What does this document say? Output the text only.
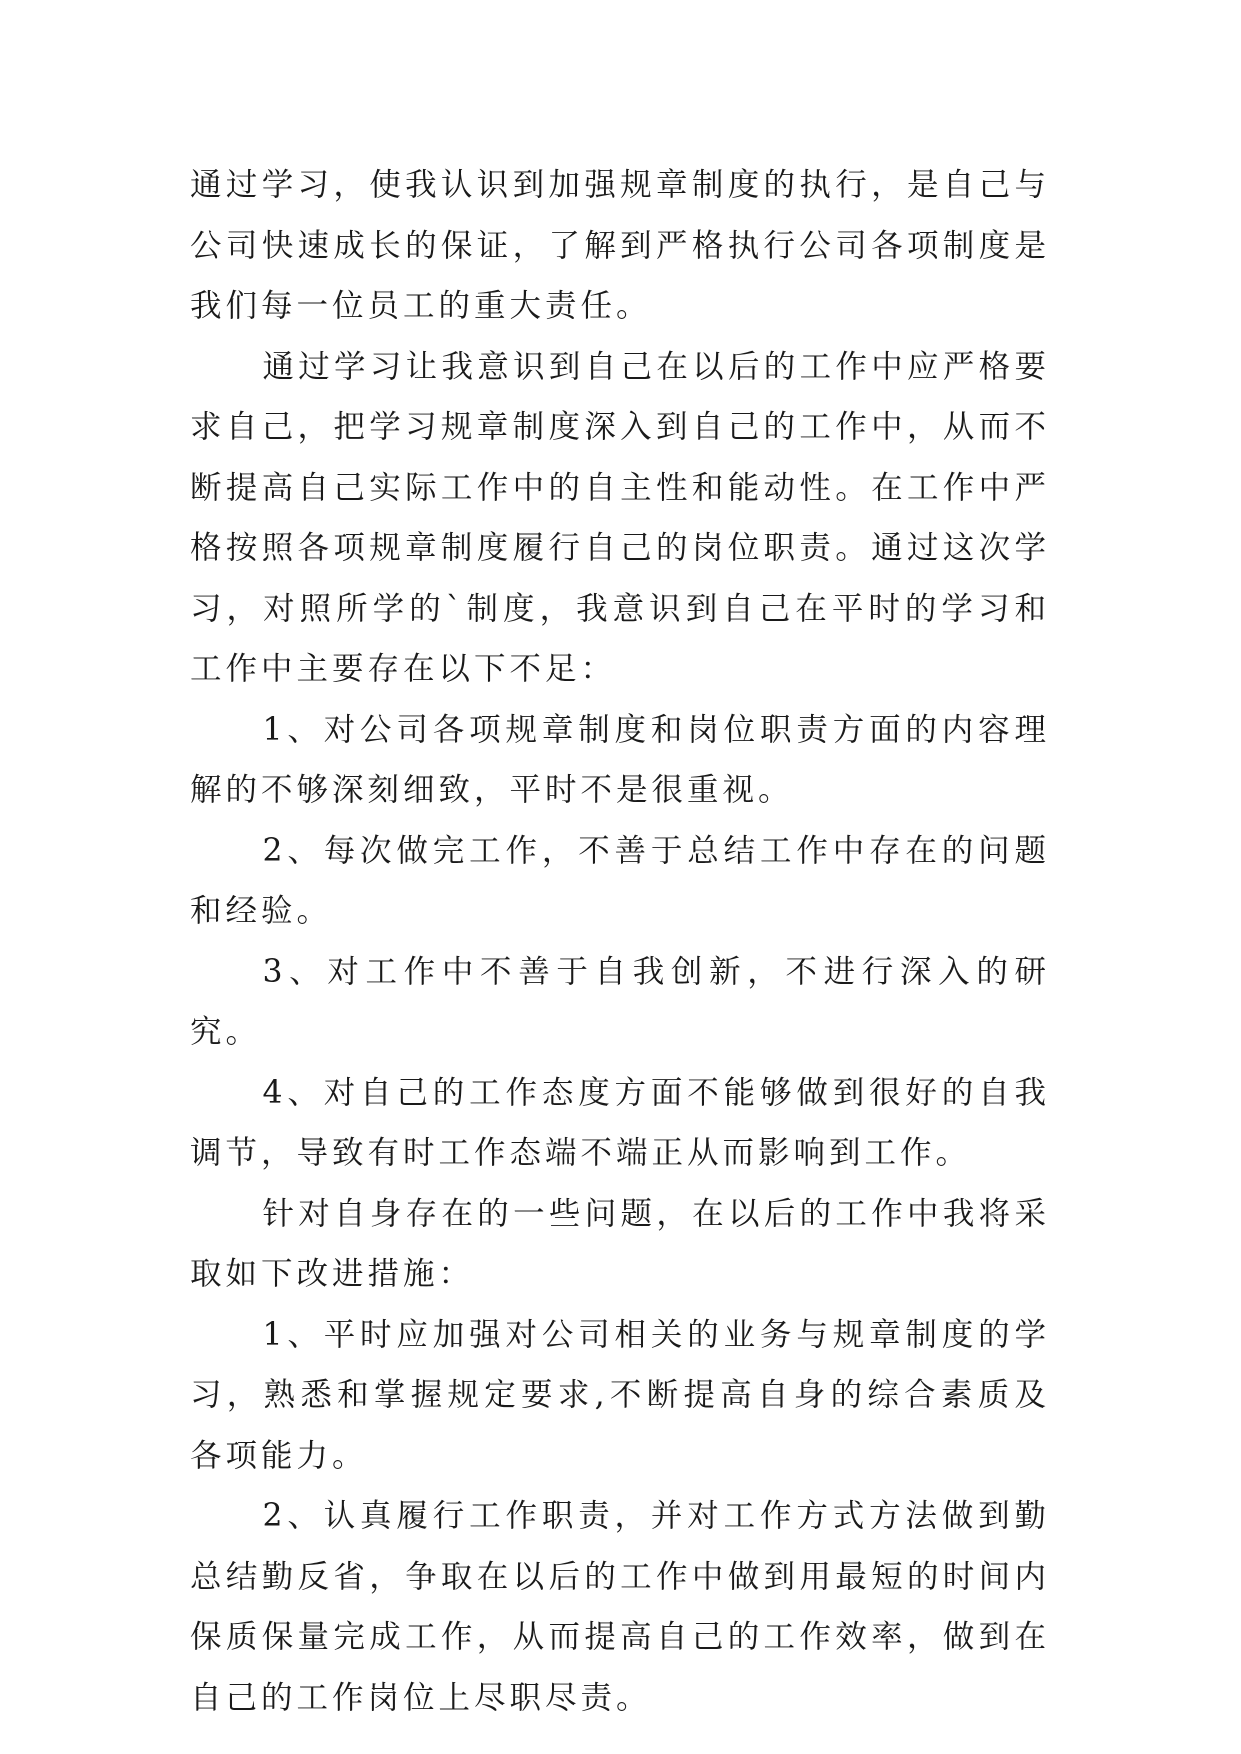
通过学习，使我认识到加强规章制度的执行，是自己与公司快速成长的保证，了解到严格执行公司各项制度是我们每一位员工的重大责任。

通过学习让我意识到自己在以后的工作中应严格要求自己，把学习规章制度深入到自己的工作中，从而不断提高自己实际工作中的自主性和能动性。在工作中严格按照各项规章制度履行自己的岗位职责。通过这次学习，对照所学的`制度，我意识到自己在平时的学习和工作中主要存在以下不足：

1、对公司各项规章制度和岗位职责方面的内容理解的不够深刻细致，平时不是很重视。

2、每次做完工作，不善于总结工作中存在的问题和经验。

3、对工作中不善于自我创新，不进行深入的研究。

4、对自己的工作态度方面不能够做到很好的自我调节，导致有时工作态端不端正从而影响到工作。

针对自身存在的一些问题，在以后的工作中我将采取如下改进措施：

1、平时应加强对公司相关的业务与规章制度的学习，熟悉和掌握规定要求,不断提高自身的综合素质及各项能力。

2、认真履行工作职责，并对工作方式方法做到勤总结勤反省，争取在以后的工作中做到用最短的时间内保质保量完成工作，从而提高自己的工作效率，做到在自己的工作岗位上尽职尽责。
